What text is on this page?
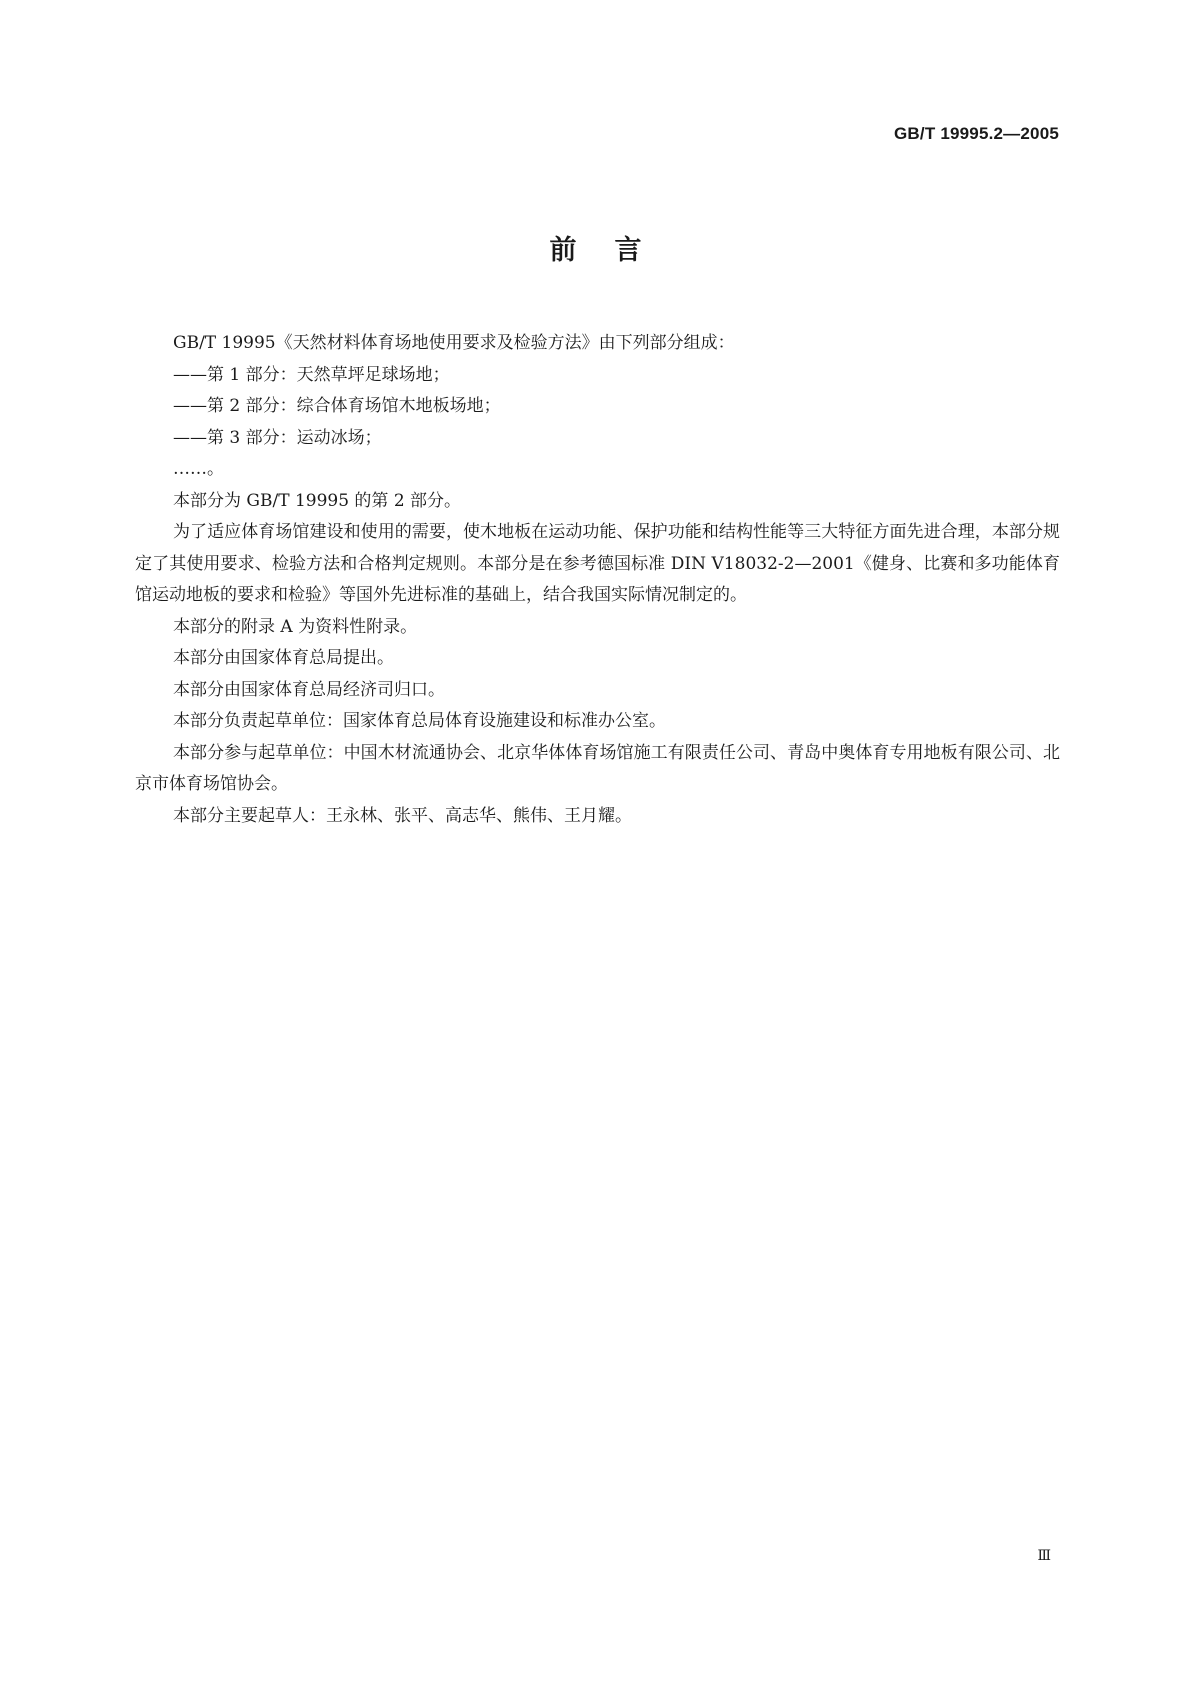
GB/T 19995.2—2005
前言

GB/T 19995《天然材料体育场地使用要求及检验方法》由下列部分组成：

——第 1 部分：天然草坪足球场地；

——第 2 部分：综合体育场馆木地板场地；

——第 3 部分：运动冰场；

……。

本部分为 GB/T 19995 的第 2 部分。

为了适应体育场馆建设和使用的需要，使木地板在运动功能、保护功能和结构性能等三大特征方面先进合理，本部分规定了其使用要求、检验方法和合格判定规则。本部分是在参考德国标准 DIN V18032-2—2001《健身、比赛和多功能体育馆运动地板的要求和检验》等国外先进标准的基础上，结合我国实际情况制定的。

本部分的附录 A 为资料性附录。

本部分由国家体育总局提出。

本部分由国家体育总局经济司归口。

本部分负责起草单位：国家体育总局体育设施建设和标准办公室。

本部分参与起草单位：中国木材流通协会、北京华体体育场馆施工有限责任公司、青岛中奥体育专用地板有限公司、北京市体育场馆协会。

本部分主要起草人：王永林、张平、高志华、熊伟、王月耀。

Ⅲ
